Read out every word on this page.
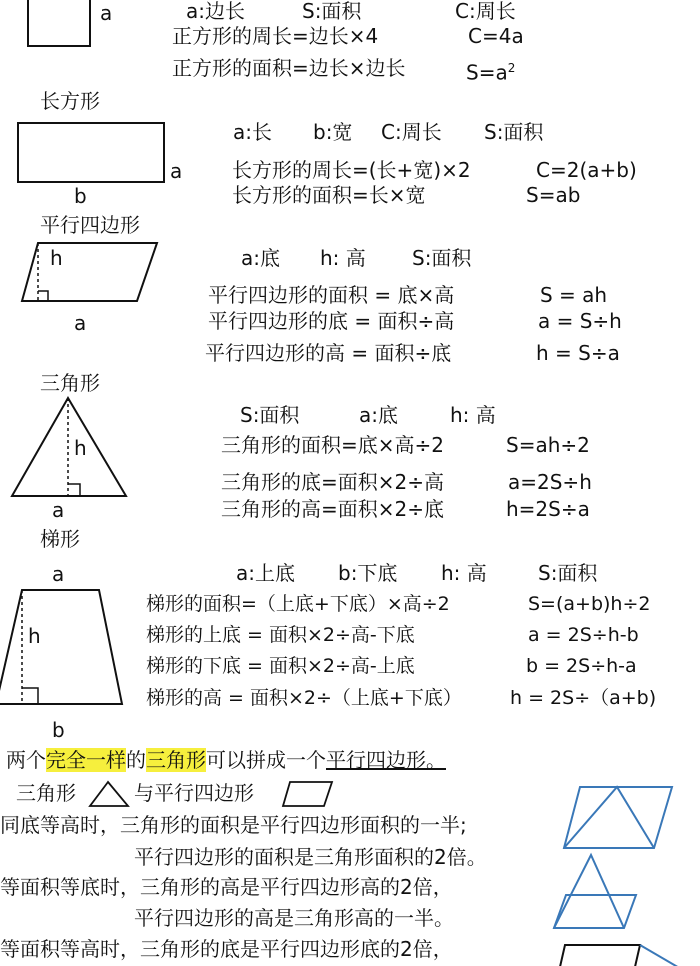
a	a:边长	S:面积	C:周长
正方形的周长=边长×4	C=4a
正方形的面积=边长×边长	$S=a^2$
长方形
a
b
a:长 b:宽 C:周长 S:面积
长方形的周长=(长+宽)×2	C=2(a+b)
长方形的面积=长×宽	S=ab
平行四边形
h
a
a:底 h: 高 S:面积
平行四边形的面积 = 底×高	S = ah
平行四边形的底 = 面积÷高	a = S÷h
平行四边形的高 = 面积÷底	h = S÷a
三角形
h
a
S:面积	a:底	h: 高
三角形的面积=底×高÷2	S=ah÷2
三角形的底=面积×2÷高	a=2S÷h
三角形的高=面积×2÷底	h=2S÷a
梯形
a
h
b
a:上底 b:下底 h: 高	S:面积
梯形的面积=（上底+下底）×高÷2	S=(a+b)h÷2
梯形的上底 = 面积×2÷高-下底	a = 2S÷h-b
梯形的下底 = 面积×2÷高-上底	b = 2S÷h-a
梯形的高 = 面积×2÷（上底+下底）	h = 2S÷（a+b)
两个完全一样的三角形可以拼成一个平行四边形。
三角形	与平行四边形
同底等高时，三角形的面积是平行四边形面积的一半;
平行四边形的面积是三角形面积的2倍。
等面积等底时，三角形的高是平行四边形高的2倍，
平行四边形的高是三角形高的一半。
等面积等高时，三角形的底是平行四边形底的2倍，
